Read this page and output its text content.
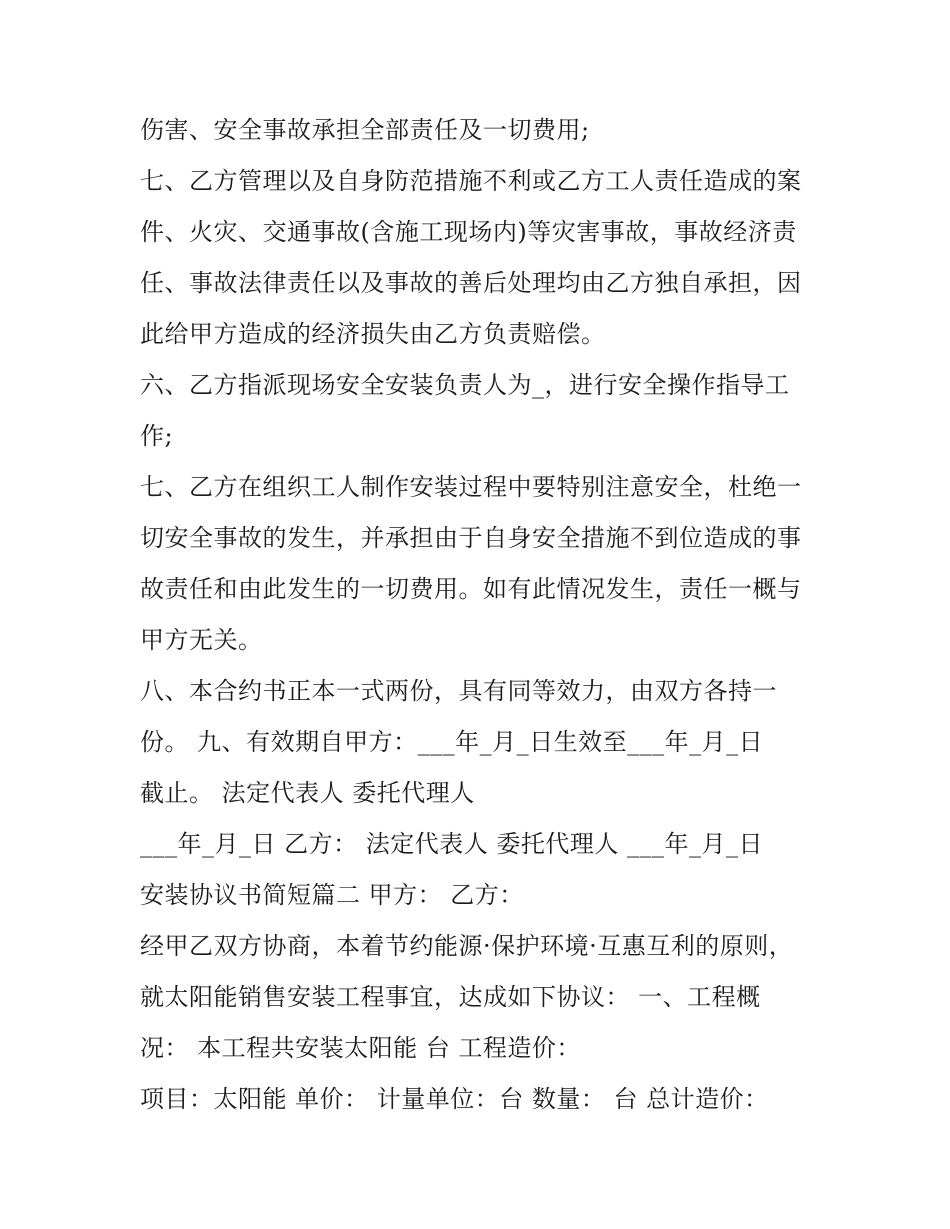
伤害、安全事故承担全部责任及一切费用;
七、乙方管理以及自身防范措施不利或乙方工人责任造成的案
件、火灾、交通事故(含施工现场内)等灾害事故，事故经济责
任、事故法律责任以及事故的善后处理均由乙方独自承担，因
此给甲方造成的经济损失由乙方负责赔偿。
六、乙方指派现场安全安装负责人为_，进行安全操作指导工
作;
七、乙方在组织工人制作安装过程中要特别注意安全，杜绝一
切安全事故的发生，并承担由于自身安全措施不到位造成的事
故责任和由此发生的一切费用。如有此情况发生，责任一概与
甲方无关。
八、本合约书正本一式两份，具有同等效力，由双方各持一
份。 九、有效期自甲方：___年_月_日生效至___年_月_日
截止。 法定代表人 委托代理人
___年_月_日 乙方： 法定代表人 委托代理人 ___年_月_日
安装协议书简短篇二 甲方： 乙方：
经甲乙双方协商，本着节约能源·保护环境·互惠互利的原则，
就太阳能销售安装工程事宜，达成如下协议： 一、工程概
况： 本工程共安装太阳能 台 工程造价：
项目：太阳能 单价： 计量单位：台 数量： 台 总计造价：
